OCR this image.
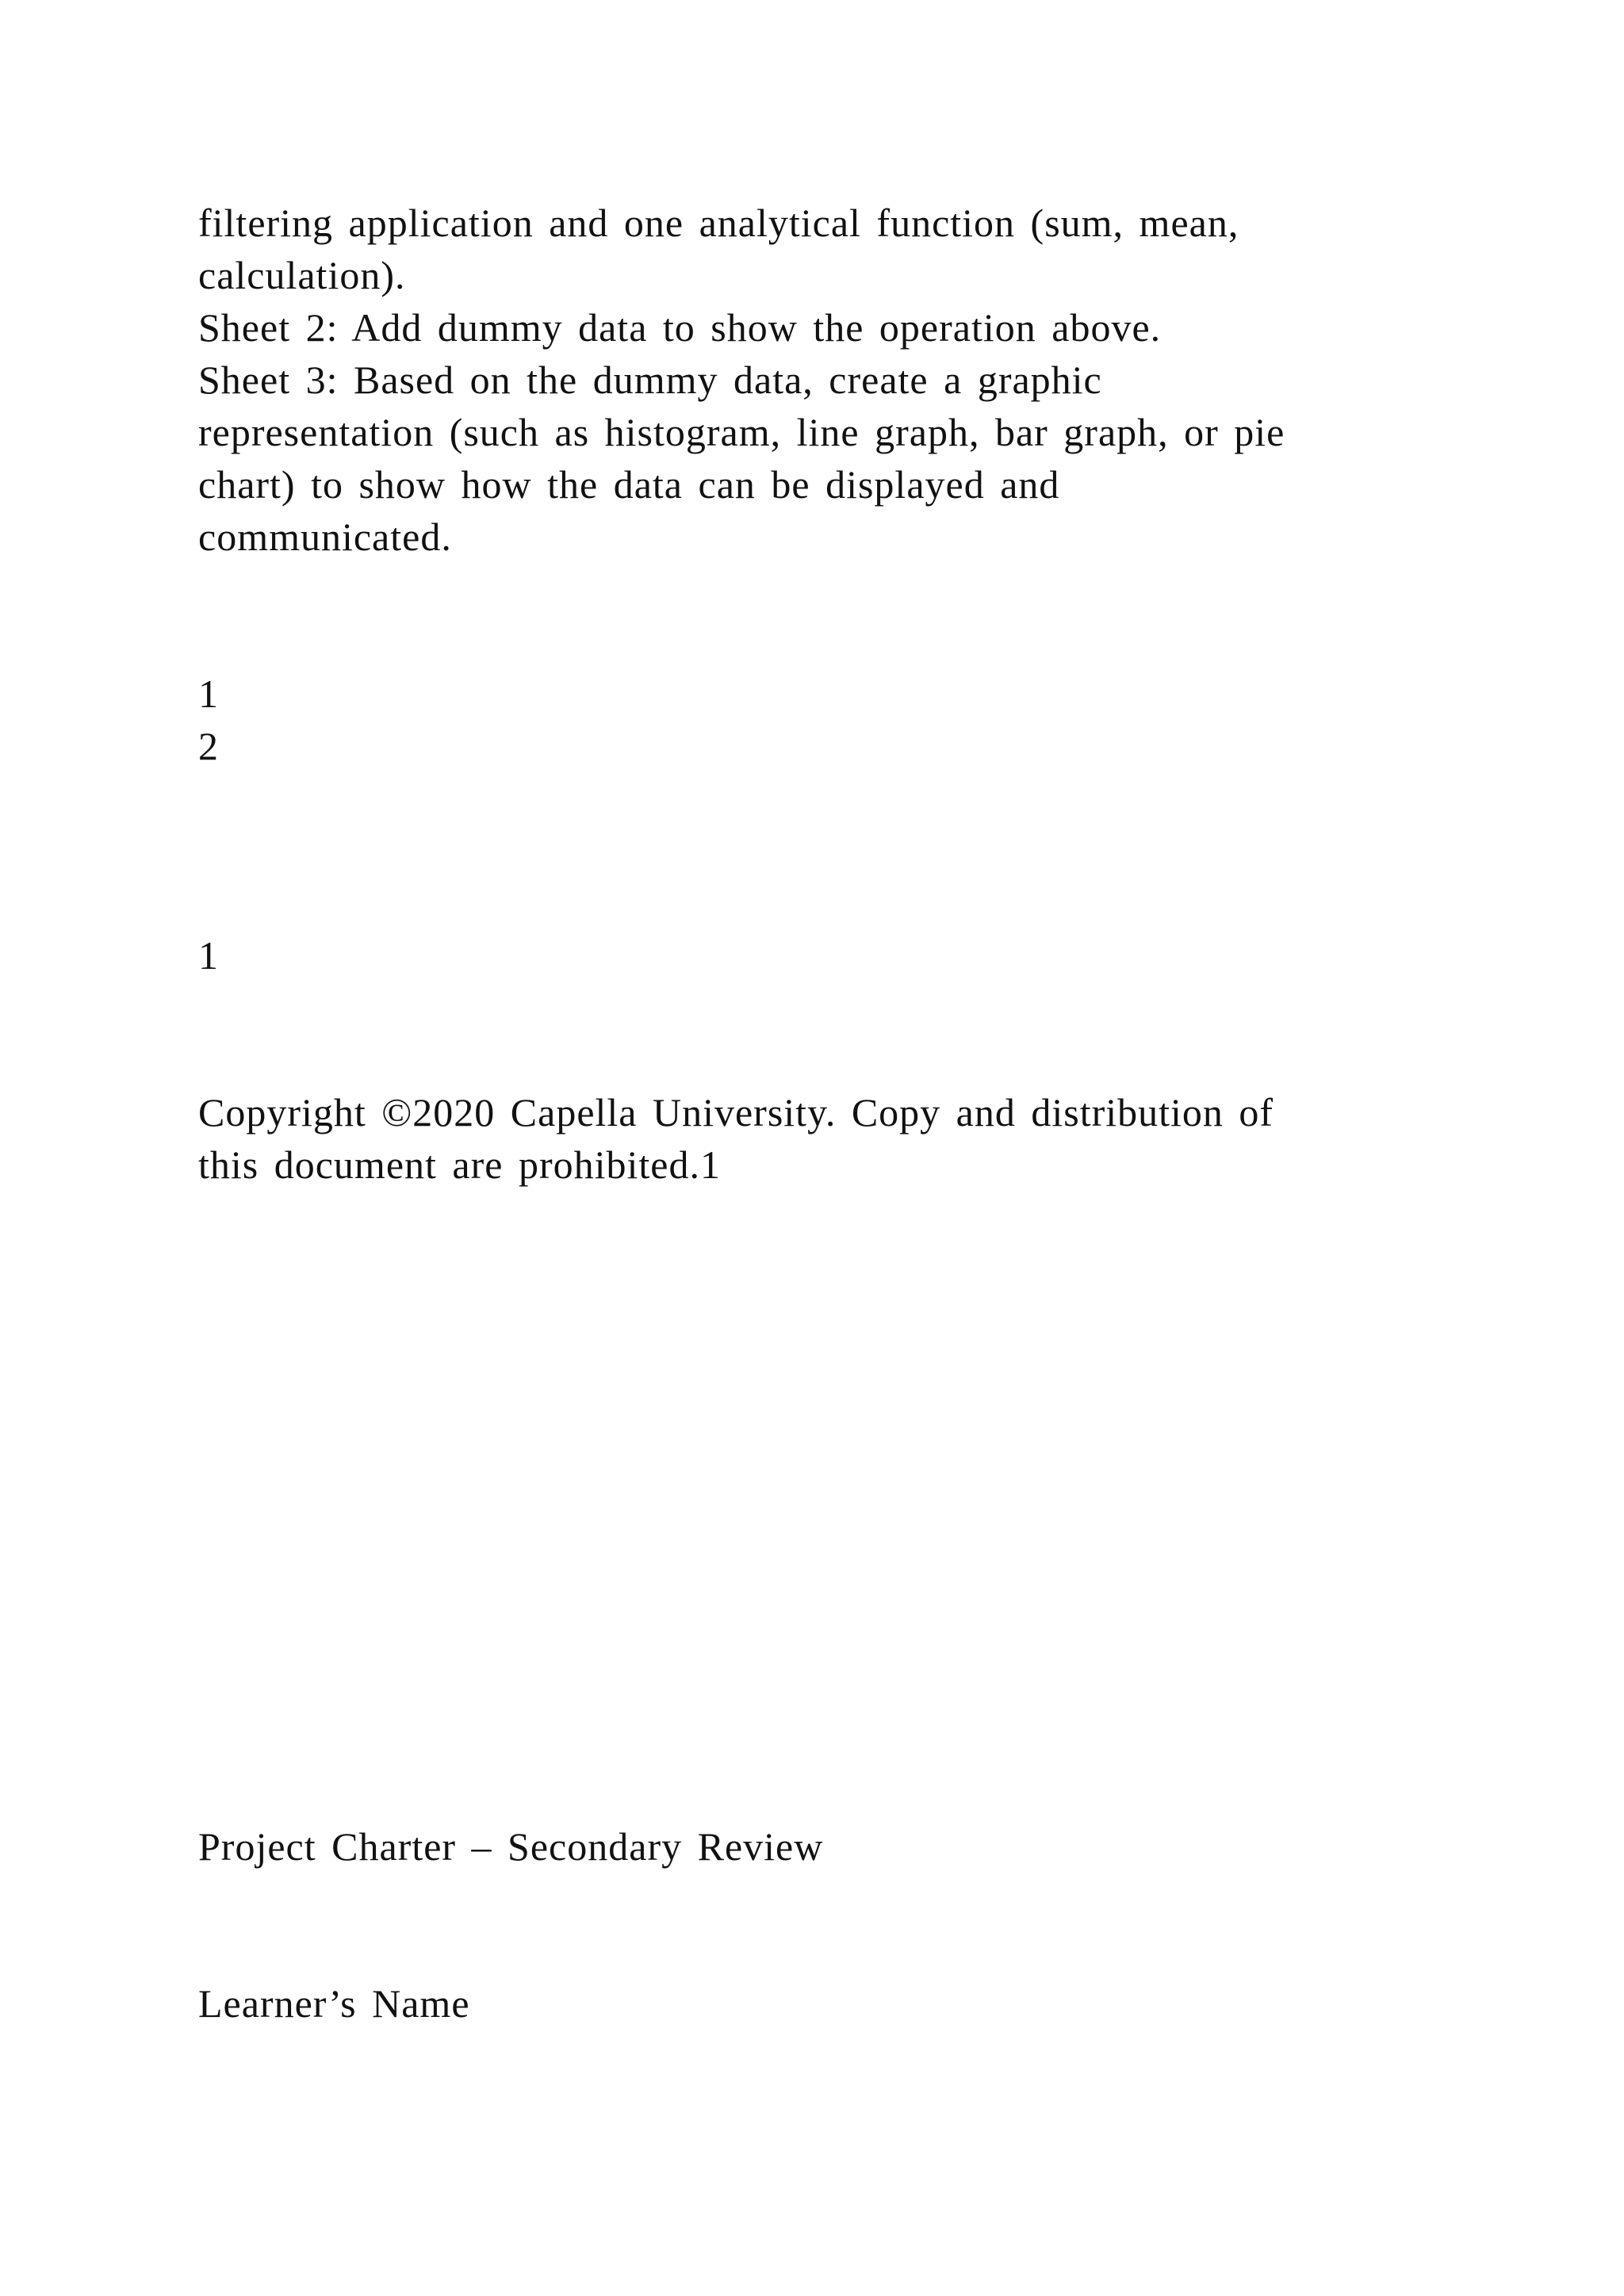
filtering application and one analytical function (sum, mean,
calculation).
Sheet 2: Add dummy data to show the operation above.
Sheet 3: Based on the dummy data, create a graphic
representation (such as histogram, line graph, bar graph, or pie
chart) to show how the data can be displayed and
communicated.
1
2
1
Copyright ©2020 Capella University. Copy and distribution of
this document are prohibited.1
Project Charter – Secondary Review
Learner’s Name
